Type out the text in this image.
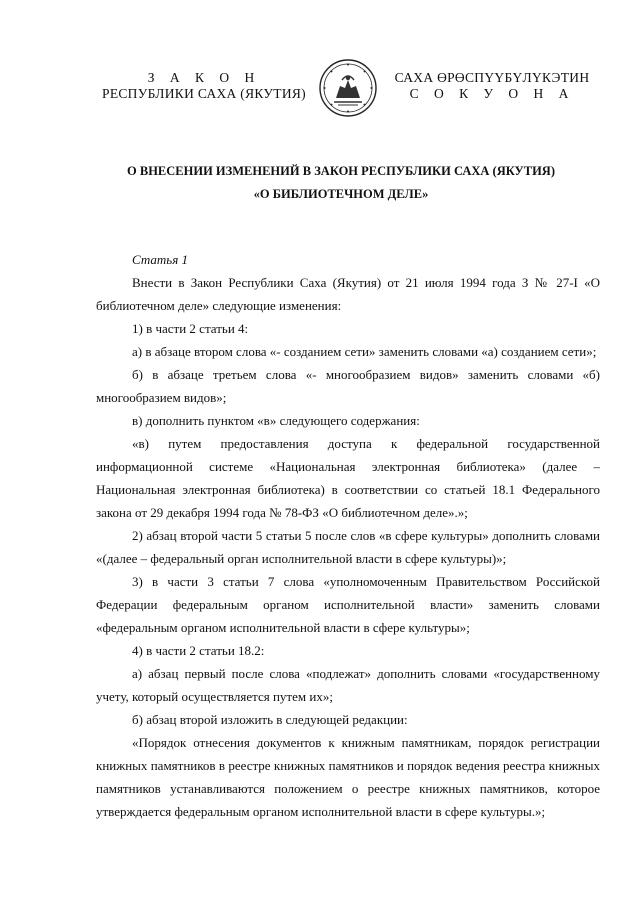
З А К О Н
РЕСПУБЛИКИ САХА (ЯКУТИЯ)
САХА ӨРӨСПҮҮБҮЛҮКЭТИН
С О К У О Н А
О ВНЕСЕНИИ ИЗМЕНЕНИЙ В ЗАКОН РЕСПУБЛИКИ САХА (ЯКУТИЯ)
«О БИБЛИОТЕЧНОМ ДЕЛЕ»

Статья 1

Внести в Закон Республики Саха (Якутия) от 21 июля 1994 года З № 27-I «О библиотечном деле» следующие изменения:

1) в части 2 статьи 4:

а) в абзаце втором слова «- созданием сети» заменить словами «а) созданием сети»;

б) в абзаце третьем слова «- многообразием видов» заменить словами «б) многообразием видов»;

в) дополнить пунктом «в» следующего содержания:

«в) путем предоставления доступа к федеральной государственной информационной системе «Национальная электронная библиотека» (далее – Национальная электронная библиотека) в соответствии со статьей 18.1 Федерального закона от 29 декабря 1994 года № 78-ФЗ «О библиотечном деле».»;

2) абзац второй части 5 статьи 5 после слов «в сфере культуры» дополнить словами «(далее – федеральный орган исполнительной власти в сфере культуры)»;

3) в части 3 статьи 7 слова «уполномоченным Правительством Российской Федерации федеральным органом исполнительной власти» заменить словами «федеральным органом исполнительной власти в сфере культуры»;

4) в части 2 статьи 18.2:

а) абзац первый после слова «подлежат» дополнить словами «государственному учету, который осуществляется путем их»;

б) абзац второй изложить в следующей редакции:

«Порядок отнесения документов к книжным памятникам, порядок регистрации книжных памятников в реестре книжных памятников и порядок ведения реестра книжных памятников устанавливаются положением о реестре книжных памятников, которое утверждается федеральным органом исполнительной власти в сфере культуры.»;
